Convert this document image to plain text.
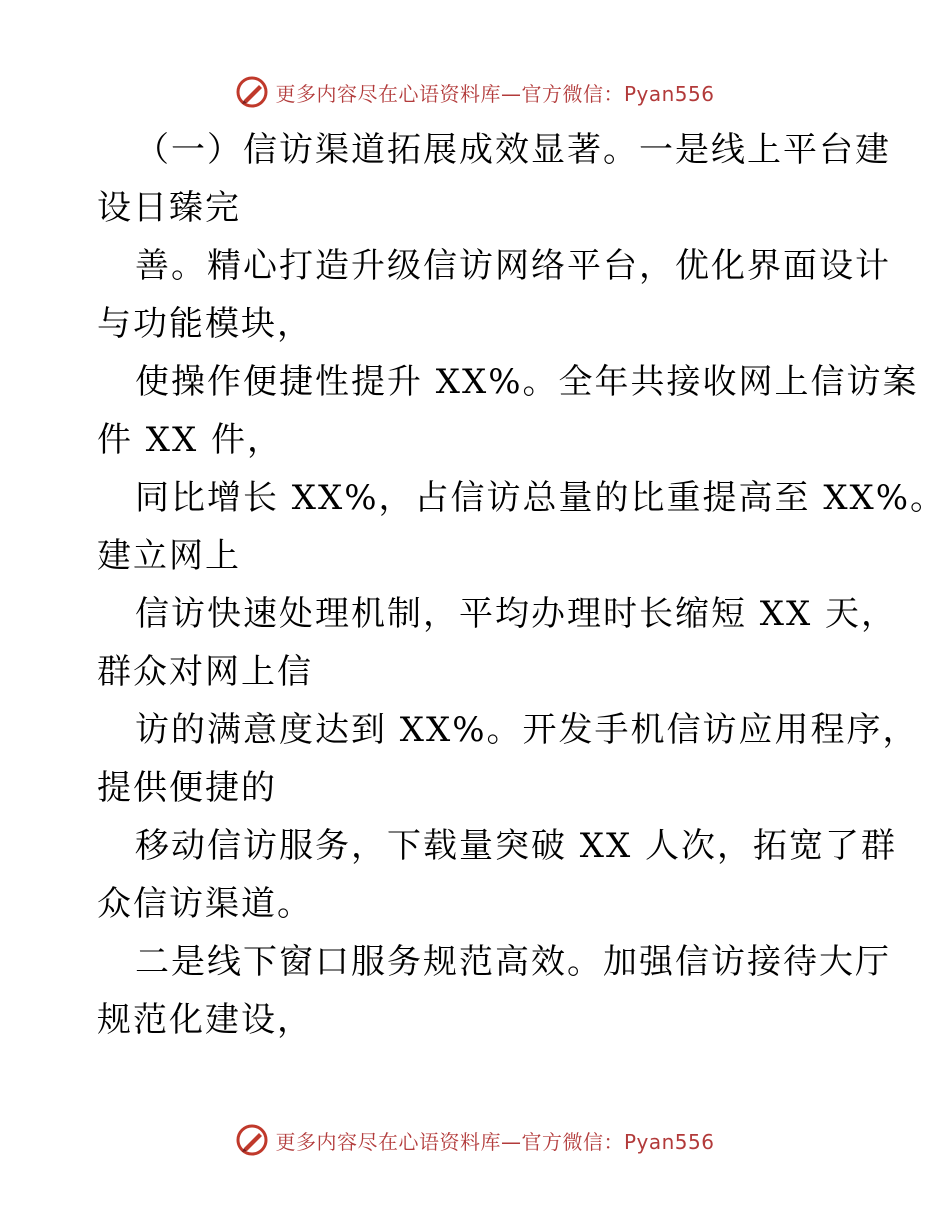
更多内容尽在心语资料库—官方微信：Pyan556
（一）信访渠道拓展成效显著。一是线上平台建
设日臻完
善。精心打造升级信访网络平台，优化界面设计
与功能模块，
使操作便捷性提升 XX%。全年共接收网上信访案
件 XX 件，
同比增长 XX%，占信访总量的比重提高至 XX%。
建立网上
信访快速处理机制，平均办理时长缩短 XX 天，
群众对网上信
访的满意度达到 XX%。开发手机信访应用程序，
提供便捷的
移动信访服务，下载量突破 XX 人次，拓宽了群
众信访渠道。
二是线下窗口服务规范高效。加强信访接待大厅
规范化建设，
更多内容尽在心语资料库—官方微信：Pyan556
